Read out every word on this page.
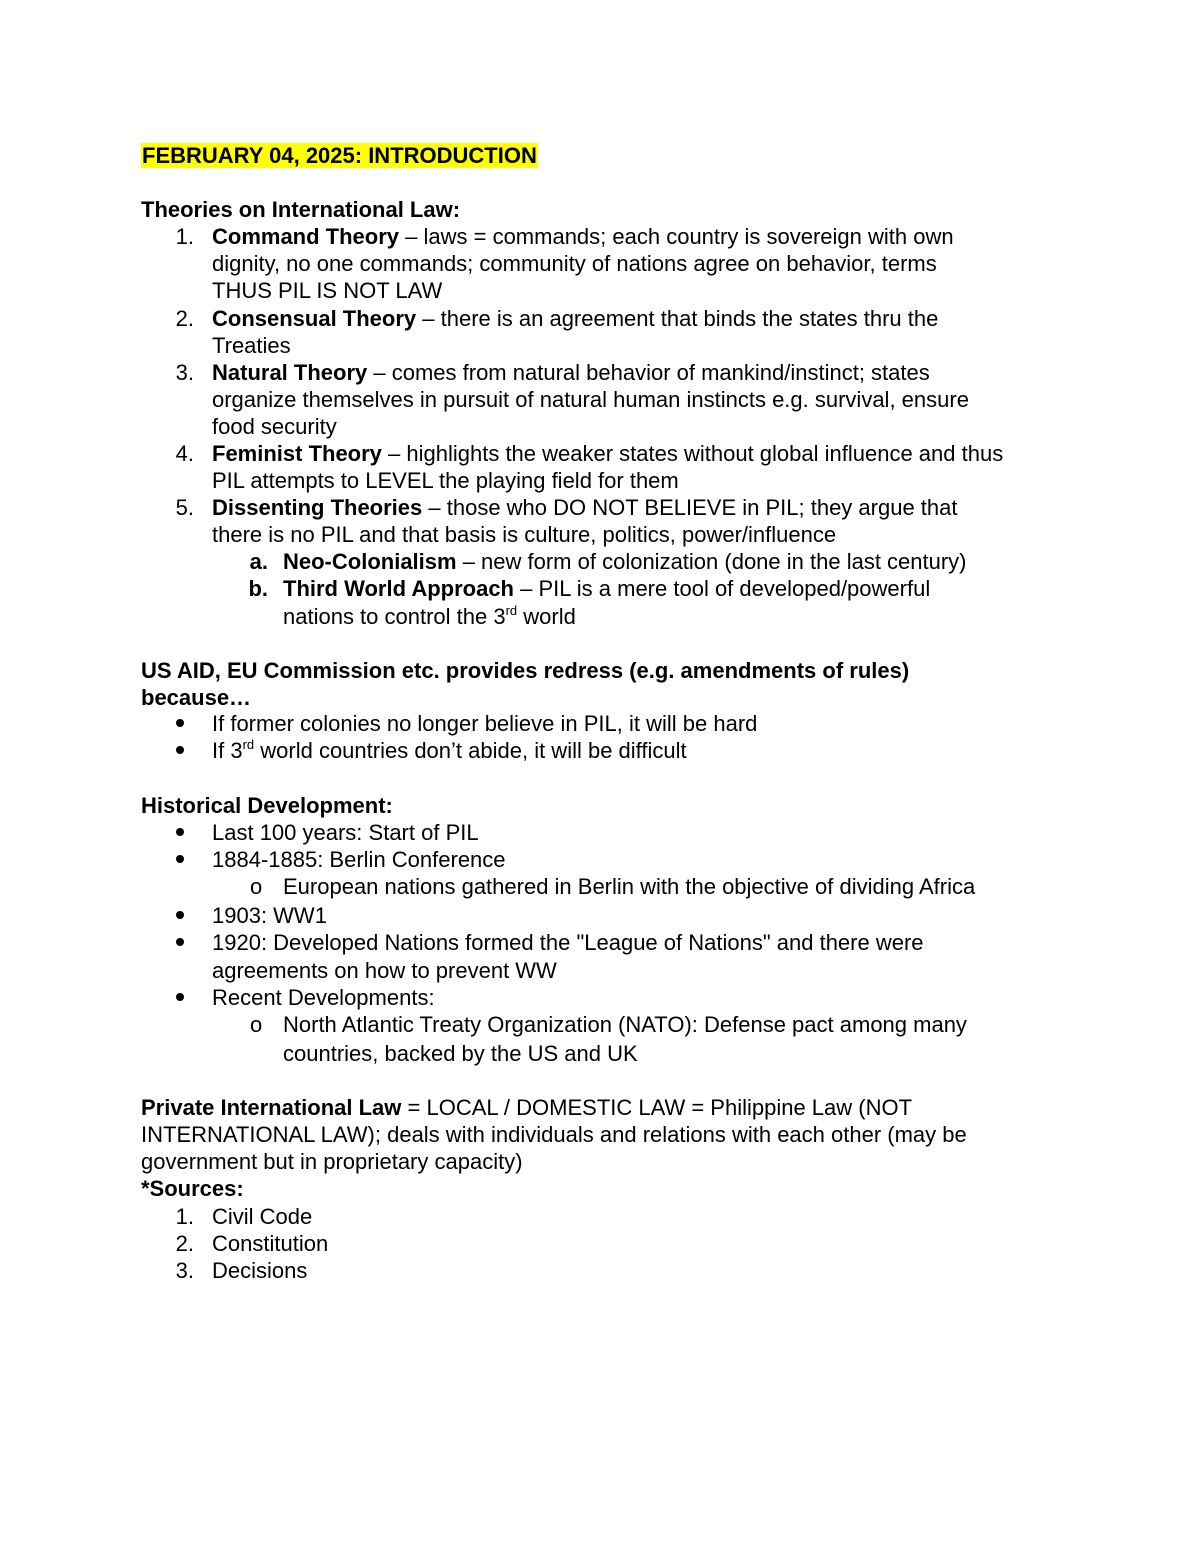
FEBRUARY 04, 2025: INTRODUCTION
Theories on International Law:
1. Command Theory – laws = commands; each country is sovereign with own
dignity, no one commands; community of nations agree on behavior, terms
THUS PIL IS NOT LAW
2. Consensual Theory – there is an agreement that binds the states thru the
Treaties
3. Natural Theory – comes from natural behavior of mankind/instinct; states
organize themselves in pursuit of natural human instincts e.g. survival, ensure
food security
4. Feminist Theory – highlights the weaker states without global influence and thus
PIL attempts to LEVEL the playing field for them
5. Dissenting Theories – those who DO NOT BELIEVE in PIL; they argue that
there is no PIL and that basis is culture, politics, power/influence
a. Neo-Colonialism – new form of colonization (done in the last century)
b. Third World Approach – PIL is a mere tool of developed/powerful
nations to control the 3rd world
US AID, EU Commission etc. provides redress (e.g. amendments of rules)
because…
If former colonies no longer believe in PIL, it will be hard
If 3rd world countries don’t abide, it will be difficult
Historical Development:
Last 100 years: Start of PIL
1884-1885: Berlin Conference
o European nations gathered in Berlin with the objective of dividing Africa
1903: WW1
1920: Developed Nations formed the "League of Nations" and there were
agreements on how to prevent WW
Recent Developments:
o North Atlantic Treaty Organization (NATO): Defense pact among many
countries, backed by the US and UK
Private International Law = LOCAL / DOMESTIC LAW = Philippine Law (NOT
INTERNATIONAL LAW); deals with individuals and relations with each other (may be
government but in proprietary capacity)
*Sources:
1. Civil Code
2. Constitution
3. Decisions
